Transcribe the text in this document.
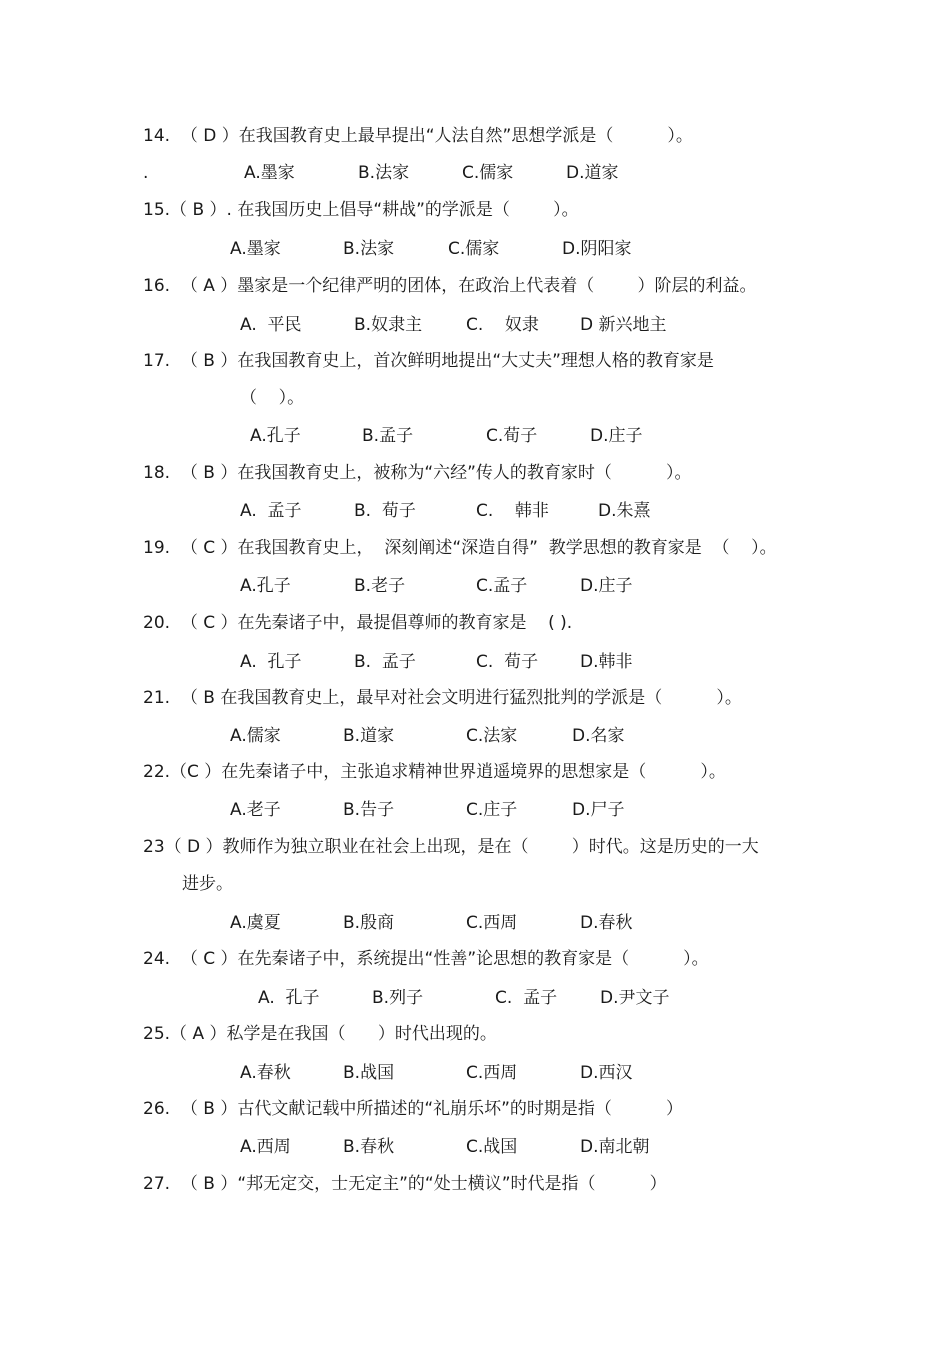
14.  （ D ）在我国教育史上最早提出“人法自然”思想学派是（          ）。
.	A.墨家	B.法家	C.儒家	D.道家
15.（ B ）. 在我国历史上倡导“耕战”的学派是（        ）。
A.墨家	B.法家	C.儒家	D.阴阳家
16.  （ A ）墨家是一个纪律严明的团体，在政治上代表着（        ）阶层的利益。
A.  平民	B.奴隶主	C.    奴隶 D 新兴地主
17.  （ B ）在我国教育史上，首次鲜明地提出“大丈夫”理想人格的教育家是
（    ）。
A.孔子	B.孟子	C.荀子	D.庄子
18.  （ B ）在我国教育史上，被称为“六经”传人的教育家时（          ）。
A.  孟子	B.  荀子	C.    韩非	D.朱熹
19.  （ C ）在我国教育史上，  深刻阐述“深造自得”  教学思想的教育家是  （    ）。
A.孔子	B.老子	C.孟子	D.庄子
20.  （ C ）在先秦诸子中，最提倡尊师的教育家是    ( ).
A.  孔子	B.  孟子	C.  荀子 D.韩非
21.  （ B 在我国教育史上，最早对社会文明进行猛烈批判的学派是（          ）。
A.儒家	B.道家	C.法家	D.名家
22.（C ）在先秦诸子中，主张追求精神世界逍遥境界的思想家是（          ）。
A.老子	B.告子	C.庄子	D.尸子
23（ D ）教师作为独立职业在社会上出现，是在（        ）时代。这是历史的一大
进步。
A.虞夏	B.殷商	C.西周	D.春秋
24.  （ C ）在先秦诸子中，系统提出“性善”论思想的教育家是（          ）。
A.  孔子	B.列子	C.  孟子	D.尹文子
25.（ A ）私学是在我国（      ）时代出现的。
A.春秋	B.战国	C.西周	D.西汉
26.  （ B ）古代文献记载中所描述的“礼崩乐坏”的时期是指（          ）
A.西周	B.春秋	C.战国	D.南北朝
27.  （ B ）“邦无定交，士无定主”的“处士横议”时代是指（          ）
